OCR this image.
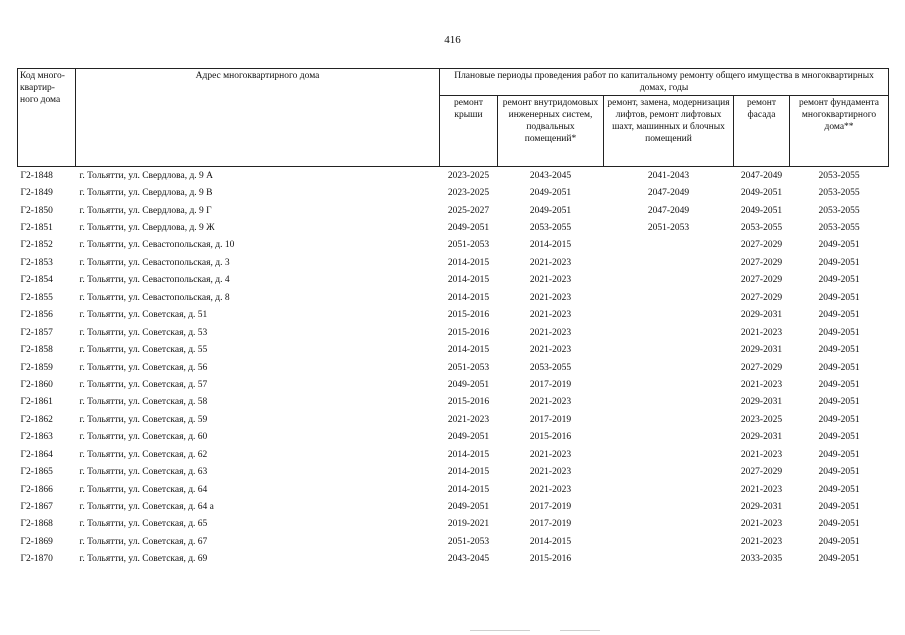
416
Код много-квартир-ного дома	Адрес многоквартирного дома	Плановые периоды проведения работ по капитальному ремонту общего имущества в многоквартирных домах, годы				
		ремонт крыши	ремонт внутридомовых инженерных систем, подвальных помещений*	ремонт, замена, модернизация лифтов, ремонт лифтовых шахт, машинных и блочных помещений	ремонт фасада	ремонт фундамента многоквартирного дома**
Г2-1848	г. Тольятти, ул. Свердлова, д. 9 А	2023-2025	2043-2045	2041-2043	2047-2049	2053-2055
Г2-1849	г. Тольятти, ул. Свердлова, д. 9 В	2023-2025	2049-2051	2047-2049	2049-2051	2053-2055
Г2-1850	г. Тольятти, ул. Свердлова, д. 9 Г	2025-2027	2049-2051	2047-2049	2049-2051	2053-2055
Г2-1851	г. Тольятти, ул. Свердлова, д. 9 Ж	2049-2051	2053-2055	2051-2053	2053-2055	2053-2055
Г2-1852	г. Тольятти, ул. Севастопольская, д. 10	2051-2053	2014-2015		2027-2029	2049-2051
Г2-1853	г. Тольятти, ул. Севастопольская, д. 3	2014-2015	2021-2023		2027-2029	2049-2051
Г2-1854	г. Тольятти, ул. Севастопольская, д. 4	2014-2015	2021-2023		2027-2029	2049-2051
Г2-1855	г. Тольятти, ул. Севастопольская, д. 8	2014-2015	2021-2023		2027-2029	2049-2051
Г2-1856	г. Тольятти, ул. Советская, д. 51	2015-2016	2021-2023		2029-2031	2049-2051
Г2-1857	г. Тольятти, ул. Советская, д. 53	2015-2016	2021-2023		2021-2023	2049-2051
Г2-1858	г. Тольятти, ул. Советская, д. 55	2014-2015	2021-2023		2029-2031	2049-2051
Г2-1859	г. Тольятти, ул. Советская, д. 56	2051-2053	2053-2055		2027-2029	2049-2051
Г2-1860	г. Тольятти, ул. Советская, д. 57	2049-2051	2017-2019		2021-2023	2049-2051
Г2-1861	г. Тольятти, ул. Советская, д. 58	2015-2016	2021-2023		2029-2031	2049-2051
Г2-1862	г. Тольятти, ул. Советская, д. 59	2021-2023	2017-2019		2023-2025	2049-2051
Г2-1863	г. Тольятти, ул. Советская, д. 60	2049-2051	2015-2016		2029-2031	2049-2051
Г2-1864	г. Тольятти, ул. Советская, д. 62	2014-2015	2021-2023		2021-2023	2049-2051
Г2-1865	г. Тольятти, ул. Советская, д. 63	2014-2015	2021-2023		2027-2029	2049-2051
Г2-1866	г. Тольятти, ул. Советская, д. 64	2014-2015	2021-2023		2021-2023	2049-2051
Г2-1867	г. Тольятти, ул. Советская, д. 64 а	2049-2051	2017-2019		2029-2031	2049-2051
Г2-1868	г. Тольятти, ул. Советская, д. 65	2019-2021	2017-2019		2021-2023	2049-2051
Г2-1869	г. Тольятти, ул. Советская, д. 67	2051-2053	2014-2015		2021-2023	2049-2051
Г2-1870	г. Тольятти, ул. Советская, д. 69	2043-2045	2015-2016		2033-2035	2049-2051
